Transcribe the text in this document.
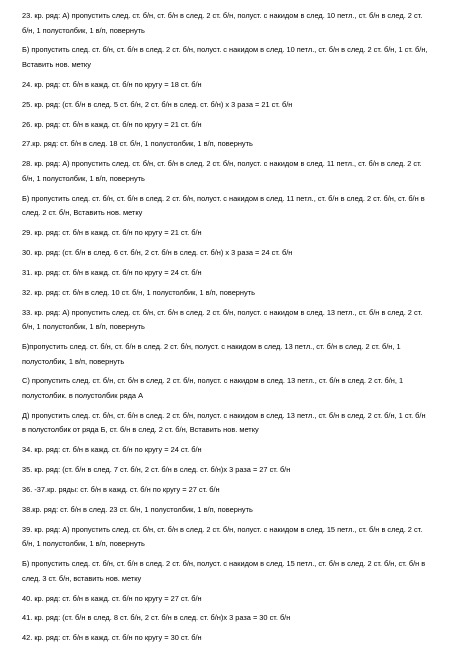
23. кр. ряд: А) пропустить след. ст. б/н, ст. б/н в след. 2 ст. б/н, полуст. с накидом в след. 10 петл., ст. б/н в след. 2 ст. б/н, 1 полустолбик, 1 в/п, повернуть

Б) пропустить след. ст. б/н, ст. б/н в след. 2 ст. б/н, полуст. с накидом в след. 10 петл., ст. б/н в след. 2 ст. б/н, 1 ст. б/н, Вставить нов. метку

24. кр. ряд: ст. б/н в кажд. ст. б/н по кругу = 18 ст. б/н

25. кр. ряд: (ст. б/н в след. 5 ст. б/н, 2 ст. б/н в след. ст. б/н) х 3 раза = 21 ст. б/н

26. кр. ряд: ст. б/н в кажд. ст. б/н по кругу = 21 ст. б/н

27.кр. ряд: ст. б/н в след. 18 ст. б/н, 1 полустолбик, 1 в/п, повернуть

28. кр. ряд: А) пропустить след. ст. б/н, ст. б/н в след. 2 ст. б/н, полуст. с накидом в след. 11 петл., ст. б/н в след. 2 ст. б/н, 1 полустолбик, 1 в/п, повернуть

Б) пропустить след. ст. б/н, ст. б/н в след. 2 ст. б/н, полуст. с накидом в след. 11 петл., ст. б/н в след. 2 ст. б/н, ст. б/н в след. 2 ст. б/н, Вставить нов. метку

29. кр. ряд: ст. б/н в кажд. ст. б/н по кругу = 21 ст. б/н

30. кр. ряд: (ст. б/н в след. 6 ст. б/н, 2 ст. б/н в след. ст. б/н) х 3 раза = 24 ст. б/н

31. кр. ряд: ст. б/н в кажд. ст. б/н по кругу = 24 ст. б/н

32. кр. ряд: ст. б/н в след. 10 ст. б/н, 1 полустолбик, 1 в/п, повернуть

33. кр. ряд: А) пропустить след. ст. б/н, ст. б/н в след. 2 ст. б/н, полуст. с накидом в след. 13 петл., ст. б/н в след. 2 ст. б/н, 1 полустолбик, 1 в/п, повернуть

Б)пропустить след. ст. б/н, ст. б/н в след. 2 ст. б/н, полуст. с накидом в след. 13 петл., ст. б/н в след. 2 ст. б/н, 1 полустолбик, 1 в/п, повернуть

С) пропустить след. ст. б/н, ст. б/н в след. 2 ст. б/н, полуст. с накидом в след. 13 петл., ст. б/н в след. 2 ст. б/н, 1 полустолбик. в полустолбик ряда А

Д) пропустить след. ст. б/н, ст. б/н в след. 2 ст. б/н, полуст. с накидом в след. 13 петл., ст. б/н в след. 2 ст. б/н, 1 ст. б/н в полустолбик от ряда Б, ст. б/н в след. 2 ст. б/н, Вставить нов. метку

34. кр. ряд: ст. б/н в кажд. ст. б/н по кругу = 24 ст. б/н

35. кр. ряд: (ст. б/н в след. 7 ст. б/н, 2 ст. б/н в след. ст. б/н)х 3 раза = 27 ст. б/н

36. -37.кр. ряды: ст. б/н в кажд. ст. б/н по кругу = 27 ст. б/н

38.кр. ряд: ст. б/н в след. 23 ст. б/н, 1 полустолбик, 1 в/п, повернуть

39. кр. ряд: А) пропустить след. ст. б/н, ст. б/н в след. 2 ст. б/н, полуст. с накидом в след. 15 петл., ст. б/н в след. 2 ст. б/н, 1 полустолбик, 1 в/п, повернуть

Б) пропустить след. ст. б/н, ст. б/н в след. 2 ст. б/н, полуст. с накидом в след. 15 петл., ст. б/н в след. 2 ст. б/н, ст. б/н в след. 3 ст. б/н, вставить нов. метку

40. кр. ряд: ст. б/н в кажд. ст. б/н по кругу = 27 ст. б/н

41. кр. ряд: (ст. б/н в след. 8 ст. б/н, 2 ст. б/н в след. ст. б/н)х 3 раза = 30 ст. б/н

42. кр. ряд: ст. б/н в кажд. ст. б/н по кругу = 30 ст. б/н
